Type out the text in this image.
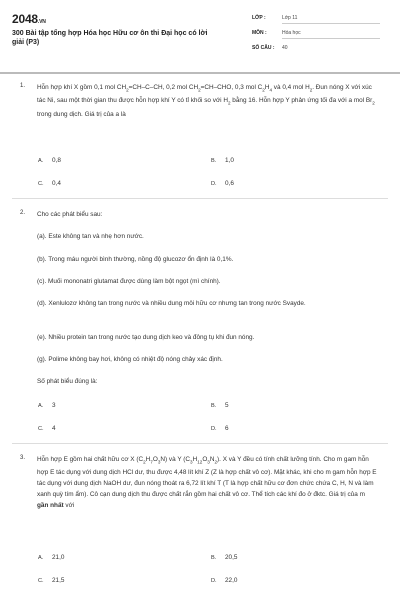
2048.VN
300 Bài tập tổng hợp Hóa học Hữu cơ ôn thi Đại học có lời giải (P3)
LỚP :	Lớp 11
MÔN :	Hóa học
SỐ CÂU : 40
1. Hỗn hợp khí X gồm 0,1 mol $CH_2=CH-C-CH$, 0,2 mol $CH_2=CH$–CHO, 0,3 mol $C_2H_4$ và 0,4 mol $H_2$. Đun nóng X với xúc tác Ni, sau một thời gian thu được hỗn hợp khí Y có tỉ khối so với $H_2$ bằng 16. Hỗn hợp Y phản ứng tối đa với a mol $Br_2$ trong dung dịch. Giá trị của a là
A. 0,8	B. 1,0
C. 0,4	D. 0,6
2. Cho các phát biểu sau:
(a). Este không tan và nhẹ hơn nước.
(b). Trong máu người bình thường, nồng độ glucozơ ổn định là 0,1%.
(c). Muối mononatri glutamat được dùng làm bột ngọt (mì chính).
(d). Xenlulozơ không tan trong nước và nhiều dung môi hữu cơ nhưng tan trong nước Svayde.
(e). Nhiều protein tan trong nước tạo dung dịch keo và đông tụ khi đun nóng.
(g). Polime không bay hơi, không có nhiệt độ nóng chảy xác định.
Số phát biểu đúng là:
A. 3	B. 5
C. 4	D. 6
3. Hỗn hợp E gồm hai chất hữu cơ X $(C_2H_7O_3N)$ và Y $(C_3H_{12}O_3N_2)$. X và Y đều có tính chất lưỡng tính. Cho m gam hỗn hợp E tác dụng với dung dịch HCl dư, thu được 4,48 lít khí Z (Z là hợp chất vô cơ). Mặt khác, khi cho m gam hỗn hợp E tác dụng với dung dịch NaOH dư, đun nóng thoát ra 6,72 lít khí T (T là hợp chất hữu cơ đơn chức chứa C, H, N và làm xanh quỳ tím ẩm). Cô cạn dung dịch thu được chất rắn gồm hai chất vô cơ. Thể tích các khí đo ở đktc. Giá trị của m gần nhất với
A. 21,0	B. 20,5
C. 21,5	D. 22,0
